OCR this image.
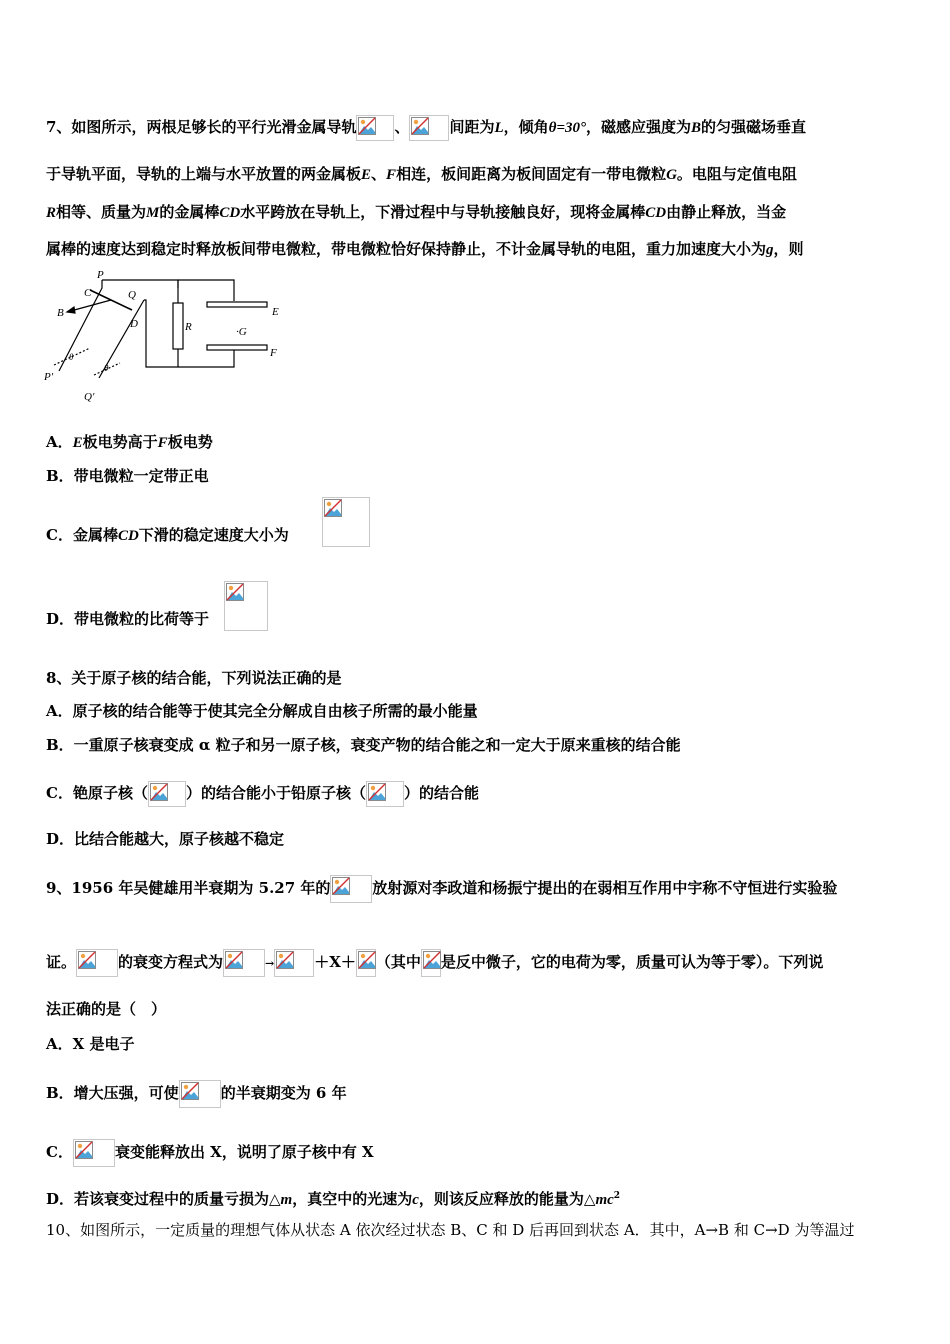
7、如图所示，两根足够长的平行光滑金属导轨	、	间距为L，倾角θ=30°，磁感应强度为B的匀强磁场垂直
于导轨平面，导轨的上端与水平放置的两金属板E、F相连，板间距离为板间固定有一带电微粒G。电阻与定值电阻
R相等、质量为M的金属棒CD水平跨放在导轨上，下滑过程中与导轨接触良好，现将金属棒CD由静止释放，当金
属棒的速度达到稳定时释放板间带电微粒，带电微粒恰好保持静止，不计金属导轨的电阻，重力加速度大小为g，则
P
C	Q
B
D	R
E
·G
F
θ
θ
P′
Q′
A．E板电势高于F板电势
B．带电微粒一定带正电
C．金属棒CD下滑的稳定速度大小为
D．带电微粒的比荷等于
8、关于原子核的结合能，下列说法正确的是
A．原子核的结合能等于使其完全分解成自由核子所需的最小能量
B．一重原子核衰变成 α 粒子和另一原子核，衰变产物的结合能之和一定大于原来重核的结合能
C．铯原子核（	）的结合能小于铅原子核（	）的结合能
D．比结合能越大，原子核越不稳定
9、1956 年吴健雄用半衰期为 5.27 年的	放射源对李政道和杨振宁提出的在弱相互作用中宇称不守恒进行实验验
证。	的衰变方程式为	→	＋X＋ （其中 是反中微子，它的电荷为零，质量可认为等于零）。下列说
法正确的是（　）
A．X 是电子
B．增大压强，可使	的半衰期变为 6 年
C．	衰变能释放出 X，说明了原子核中有 X
D．若该衰变过程中的质量亏损为△m，真空中的光速为c，则该反应释放的能量为$\triangle mc^2$
10、如图所示，一定质量的理想气体从状态 A 依次经过状态 B、C 和 D 后再回到状态 A．其中，A→B 和 C→D 为等温过
